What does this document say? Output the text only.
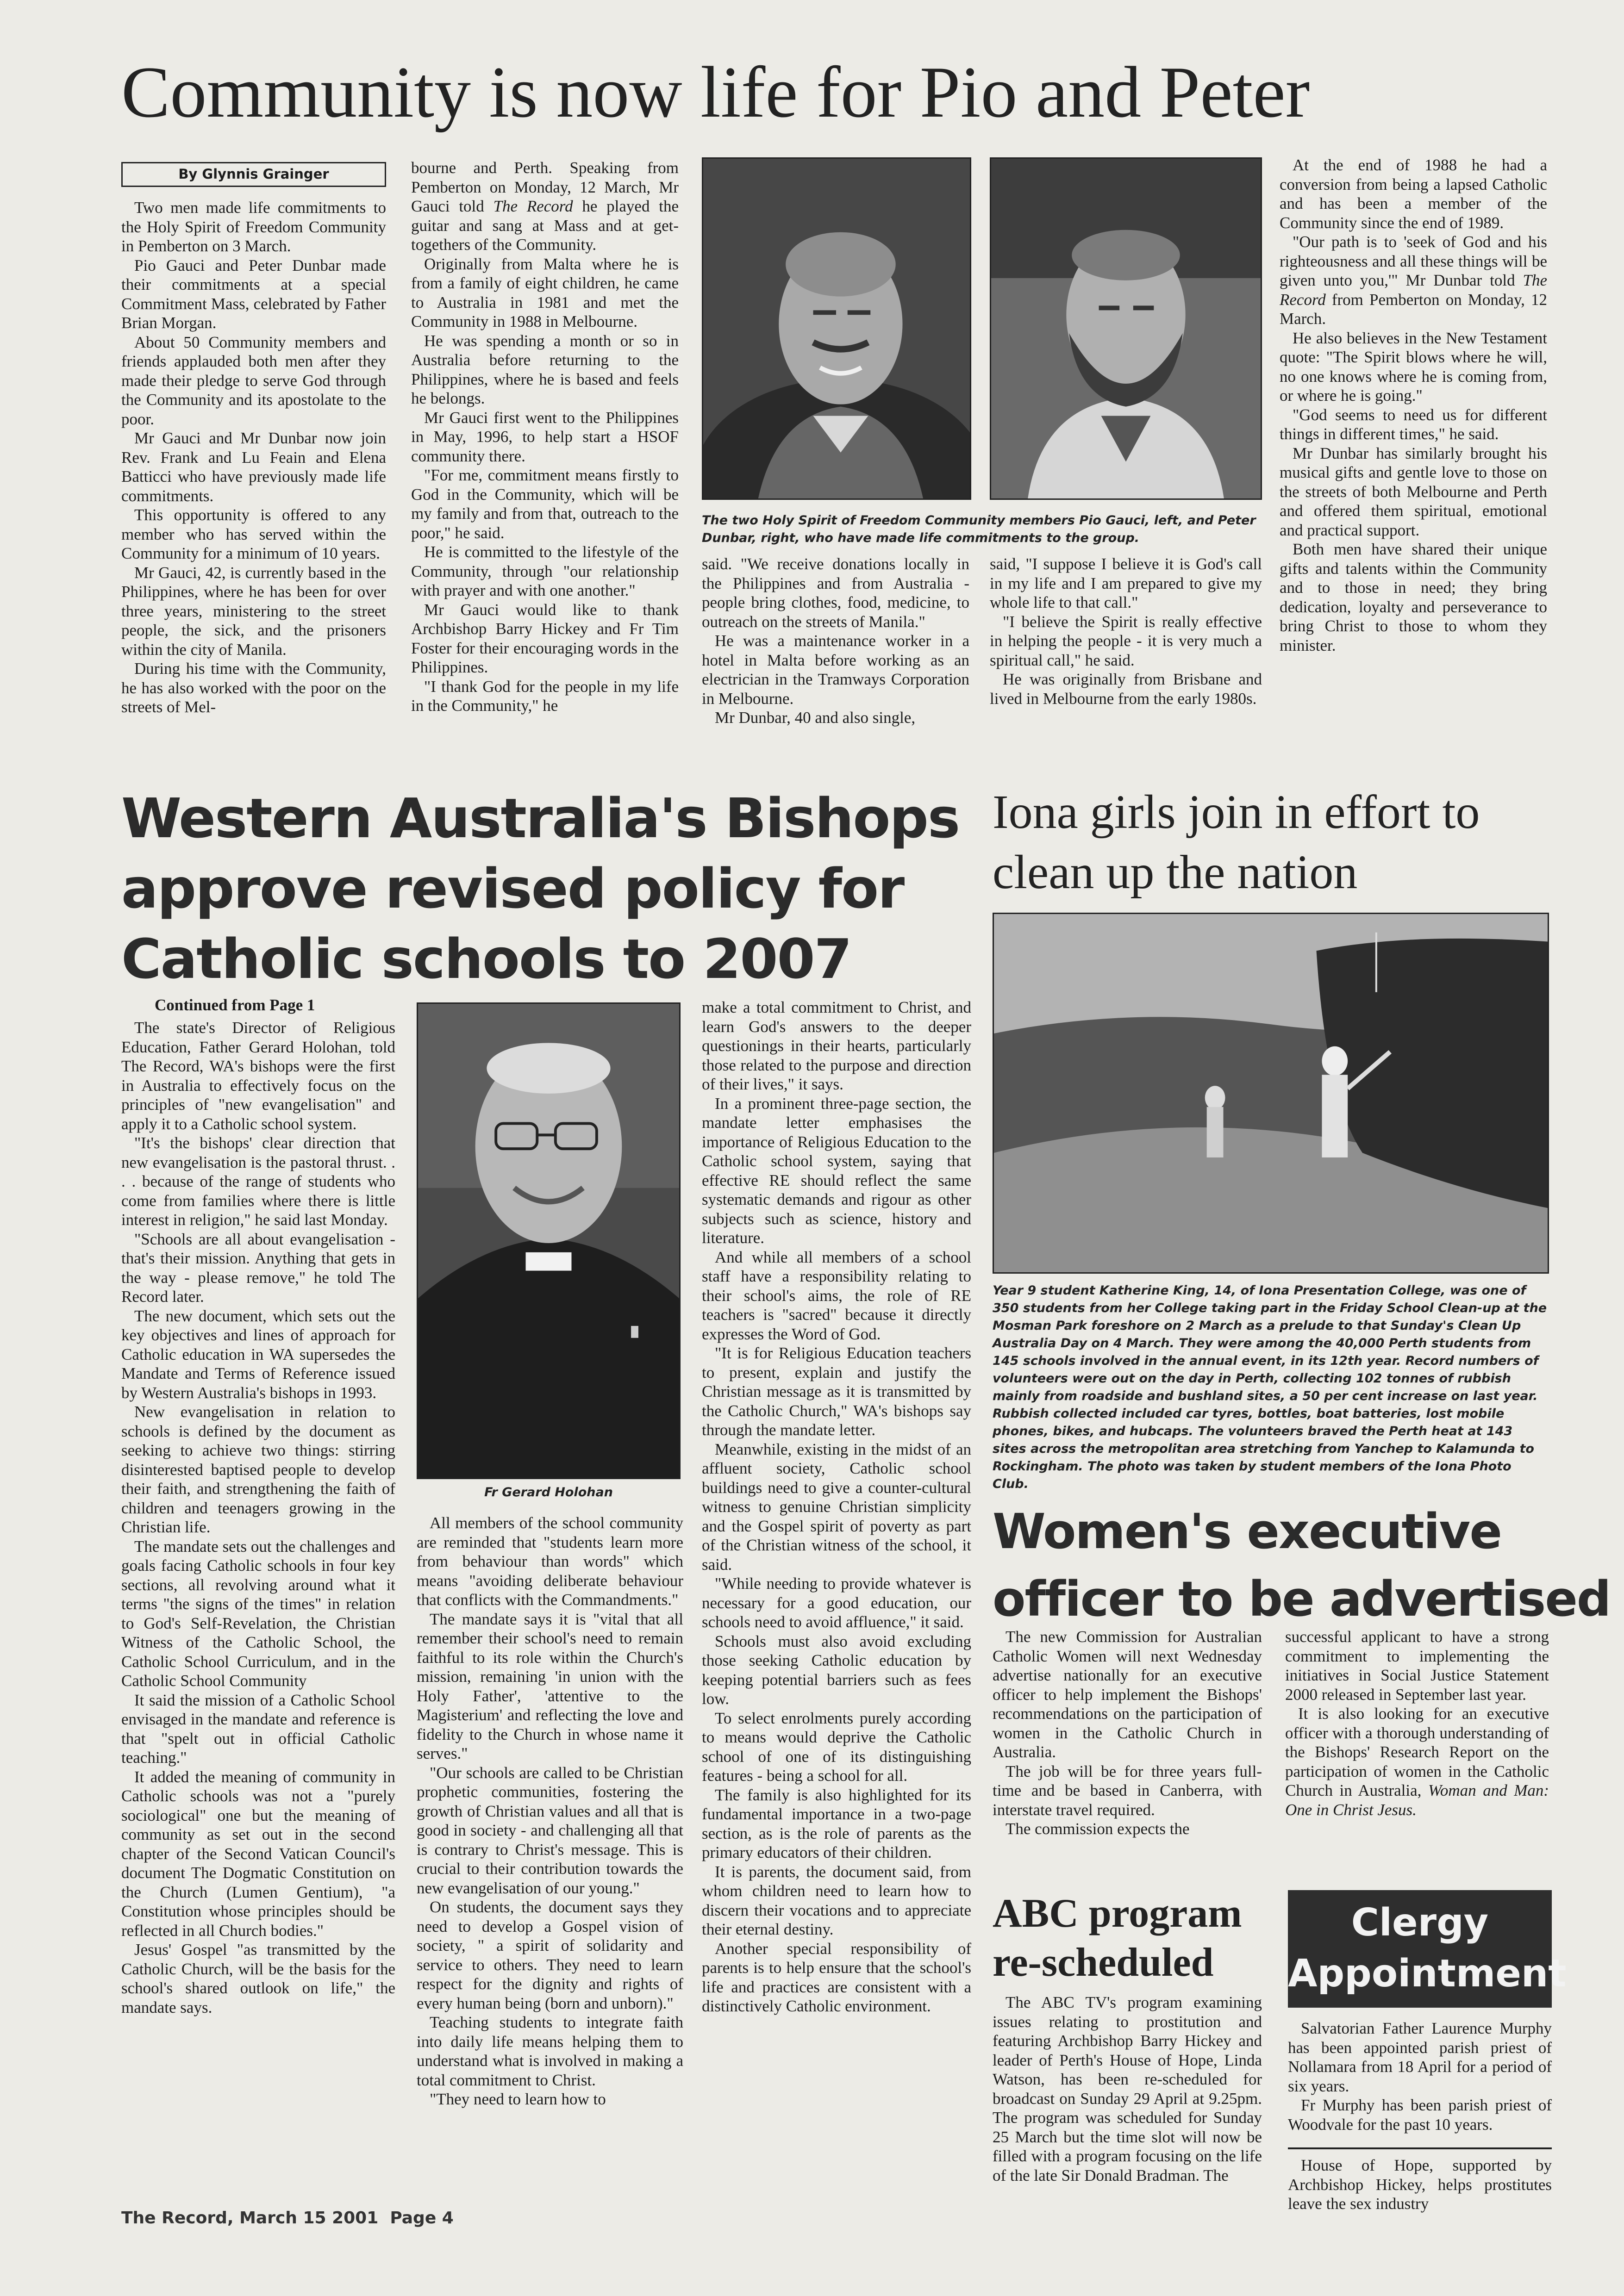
Community is now life for Pio and Peter
By Glynnis Grainger

Two men made life commitments to the Holy Spirit of Freedom Community in Pemberton on 3 March.

Pio Gauci and Peter Dunbar made their commitments at a special Commitment Mass, celebrated by Father Brian Morgan.

About 50 Community members and friends applauded both men after they made their pledge to serve God through the Community and its apostolate to the poor.

Mr Gauci and Mr Dunbar now join Rev. Frank and Lu Feain and Elena Batticci who have previously made life commitments.

This opportunity is offered to any member who has served within the Community for a minimum of 10 years.

Mr Gauci, 42, is currently based in the Philippines, where he has been for over three years, ministering to the street people, the sick, and the prisoners within the city of Manila.

During his time with the Community, he has also worked with the poor on the streets of Mel-

bourne and Perth. Speaking from Pemberton on Monday, 12 March, Mr Gauci told The Record he played the guitar and sang at Mass and at get-togethers of the Community.

Originally from Malta where he is from a family of eight children, he came to Australia in 1981 and met the Community in 1988 in Melbourne.

He was spending a month or so in Australia before returning to the Philippines, where he is based and feels he belongs.

Mr Gauci first went to the Philippines in May, 1996, to help start a HSOF community there.

"For me, commitment means firstly to God in the Community, which will be my family and from that, outreach to the poor," he said.

He is committed to the lifestyle of the Community, through "our relationship with prayer and with one another."

Mr Gauci would like to thank Archbishop Barry Hickey and Fr Tim Foster for their encouraging words in the Philippines.

"I thank God for the people in my life in the Community," he

The two Holy Spirit of Freedom Community members Pio Gauci, left, and Peter Dunbar, right, who have made life commitments to the group.

said. "We receive donations locally in the Philippines and from Australia - people bring clothes, food, medicine, to outreach on the streets of Manila."

He was a maintenance worker in a hotel in Malta before working as an electrician in the Tramways Corporation in Melbourne.

Mr Dunbar, 40 and also single,

said, "I suppose I believe it is God's call in my life and I am prepared to give my whole life to that call."

"I believe the Spirit is really effective in helping the people - it is very much a spiritual call," he said.

He was originally from Brisbane and lived in Melbourne from the early 1980s.

At the end of 1988 he had a conversion from being a lapsed Catholic and has been a member of the Community since the end of 1989.

"Our path is to 'seek of God and his righteousness and all these things will be given unto you,'" Mr Dunbar told The Record from Pemberton on Monday, 12 March.

He also believes in the New Testament quote: "The Spirit blows where he will, no one knows where he is coming from, or where he is going."

"God seems to need us for different things in different times," he said.

Mr Dunbar has similarly brought his musical gifts and gentle love to those on the streets of both Melbourne and Perth and offered them spiritual, emotional and practical support.

Both men have shared their unique gifts and talents within the Community and to those in need; they bring dedication, loyalty and perseverance to bring Christ to those to whom they minister.

Western Australia's Bishops
approve revised policy for
Catholic schools to 2007
Continued from Page 1

The state's Director of Religious Education, Father Gerard Holohan, told The Record, WA's bishops were the first in Australia to effectively focus on the principles of "new evangelisation" and apply it to a Catholic school system.

"It's the bishops' clear direction that new evangelisation is the pastoral thrust. . . . because of the range of students who come from families where there is little interest in religion," he said last Monday.

"Schools are all about evangelisation - that's their mission. Anything that gets in the way - please remove," he told The Record later.

The new document, which sets out the key objectives and lines of approach for Catholic education in WA supersedes the Mandate and Terms of Reference issued by Western Australia's bishops in 1993.

New evangelisation in relation to schools is defined by the document as seeking to achieve two things: stirring disinterested baptised people to develop their faith, and strengthening the faith of children and teenagers growing in the Christian life.

The mandate sets out the challenges and goals facing Catholic schools in four key sections, all revolving around what it terms "the signs of the times" in relation to God's Self-Revelation, the Christian Witness of the Catholic School, the Catholic School Curriculum, and in the Catholic School Community

It said the mission of a Catholic School envisaged in the mandate and reference is that "spelt out in official Catholic teaching."

It added the meaning of community in Catholic schools was not a "purely sociological" one but the meaning of community as set out in the second chapter of the Second Vatican Council's document The Dogmatic Constitution on the Church (Lumen Gentium), "a Constitution whose principles should be reflected in all Church bodies."

Jesus' Gospel "as transmitted by the Catholic Church, will be the basis for the school's shared outlook on life," the mandate says.

Fr Gerard Holohan

All members of the school community are reminded that "students learn more from behaviour than words" which means "avoiding deliberate behaviour that conflicts with the Commandments."

The mandate says it is "vital that all remember their school's need to remain faithful to its role within the Church's mission, remaining 'in union with the Holy Father', 'attentive to the Magisterium' and reflecting the love and fidelity to the Church in whose name it serves."

"Our schools are called to be Christian prophetic communities, fostering the growth of Christian values and all that is good in society - and challenging all that is contrary to Christ's message. This is crucial to their contribution towards the new evangelisation of our young."

On students, the document says they need to develop a Gospel vision of society, " a spirit of solidarity and service to others. They need to learn respect for the dignity and rights of every human being (born and unborn)."

Teaching students to integrate faith into daily life means helping them to understand what is involved in making a total commitment to Christ.

"They need to learn how to

make a total commitment to Christ, and learn God's answers to the deeper questionings in their hearts, particularly those related to the purpose and direction of their lives," it says.

In a prominent three-page section, the mandate letter emphasises the importance of Religious Education to the Catholic school system, saying that effective RE should reflect the same systematic demands and rigour as other subjects such as science, history and literature.

And while all members of a school staff have a responsibility relating to their school's aims, the role of RE teachers is "sacred" because it directly expresses the Word of God.

"It is for Religious Education teachers to present, explain and justify the Christian message as it is transmitted by the Catholic Church," WA's bishops say through the mandate letter.

Meanwhile, existing in the midst of an affluent society, Catholic school buildings need to give a counter-cultural witness to genuine Christian simplicity and the Gospel spirit of poverty as part of the Christian witness of the school, it said.

"While needing to provide whatever is necessary for a good education, our schools need to avoid affluence," it said.

Schools must also avoid excluding those seeking Catholic education by keeping potential barriers such as fees low.

To select enrolments purely according to means would deprive the Catholic school of one of its distinguishing features - being a school for all.

The family is also highlighted for its fundamental importance in a two-page section, as is the role of parents as the primary educators of their children.

It is parents, the document said, from whom children need to learn how to discern their vocations and to appreciate their eternal destiny.

Another special responsibility of parents is to help ensure that the school's life and practices are consistent with a distinctively Catholic environment.

Iona girls join in effort to
clean up the nation
Year 9 student Katherine King, 14, of Iona Presentation College, was one of 350 students from her College taking part in the Friday School Clean-up at the Mosman Park foreshore on 2 March as a prelude to that Sunday's Clean Up Australia Day on 4 March. They were among the 40,000 Perth students from 145 schools involved in the annual event, in its 12th year. Record numbers of volunteers were out on the day in Perth, collecting 102 tonnes of rubbish mainly from roadside and bushland sites, a 50 per cent increase on last year. Rubbish collected included car tyres, bottles, boat batteries, lost mobile phones, bikes, and hubcaps. The volunteers braved the Perth heat at 143 sites across the metropolitan area stretching from Yanchep to Kalamunda to Rockingham. The photo was taken by student members of the Iona Photo Club.
Women's executive
officer to be advertised

The new Commission for Australian Catholic Women will next Wednesday advertise nationally for an executive officer to help implement the Bishops' recommendations on the participation of women in the Catholic Church in Australia.

The job will be for three years full-time and be based in Canberra, with interstate travel required.

The commission expects the

successful applicant to have a strong commitment to implementing the initiatives in Social Justice Statement 2000 released in September last year.

It is also looking for an executive officer with a thorough understanding of the Bishops' Research Report on the participation of women in the Catholic Church in Australia, Woman and Man: One in Christ Jesus.

ABC program
re-scheduled

The ABC TV's program examining issues relating to prostitution and featuring Archbishop Barry Hickey and leader of Perth's House of Hope, Linda Watson, has been re-scheduled for broadcast on Sunday 29 April at 9.25pm. The program was scheduled for Sunday 25 March but the time slot will now be filled with a program focusing on the life of the late Sir Donald Bradman. The

Clergy
Appointment

Salvatorian Father Laurence Murphy has been appointed parish priest of Nollamara from 18 April for a period of six years.

Fr Murphy has been parish priest of Woodvale for the past 10 years.

House of Hope, supported by Archbishop Hickey, helps prostitutes leave the sex industry

The Record, March 15 2001  Page 4
